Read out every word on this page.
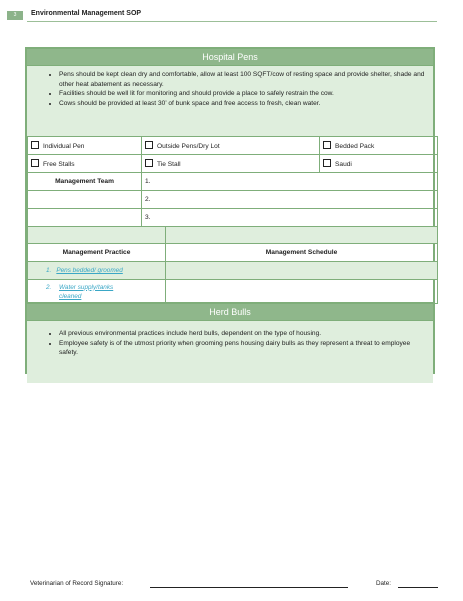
3	Environmental Management SOP
Hospital Pens
• Pens should be kept clean dry and comfortable, allow at least 100 SQFT/cow of resting space and provide shelter, shade and other heat abatement as necessary.
• Facilities should be well lit for monitoring and should provide a place to safely restrain the cow.
• Cows should be provided at least 30’ of bunk space and free access to fresh, clean water.
Individual Pen	Outside Pens/Dry Lot		Bedded Pack
Free Stalls	Tie Stall		Saudi
Management Team	1.		
	2.		
	3.		

Management Practice		Management Schedule	
1. Pens bedded/ groomed			

2. Water supply/tanks cleaned			

Herd Bulls
• All previous environmental practices include herd bulls, dependent on the type of housing.
• Employee safety is of the utmost priority when grooming pens housing dairy bulls as they represent a threat to employee safety.
Veterinarian of Record Signature:	Date:
